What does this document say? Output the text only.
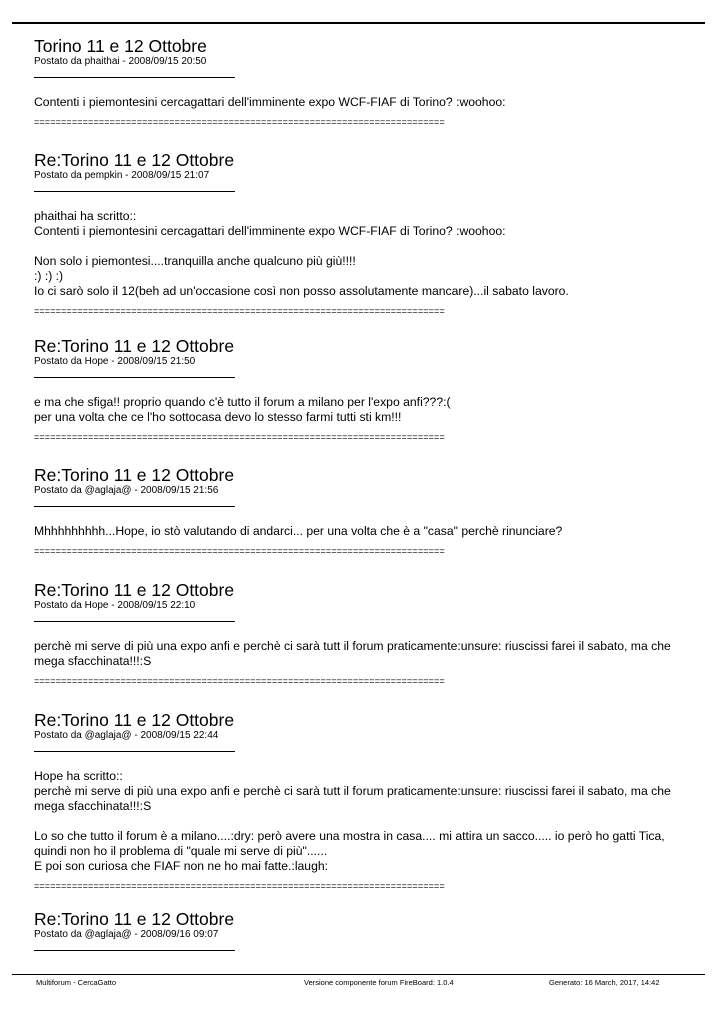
Torino 11 e 12 Ottobre
Postato da phaithai - 2008/09/15 20:50

Contenti i piemontesini cercagattari dell'imminente expo WCF-FIAF di Torino? :woohoo:

============================================================================
Re:Torino 11 e 12 Ottobre
Postato da pempkin - 2008/09/15 21:07

phaithai ha scritto::
Contenti i piemontesini cercagattari dell'imminente expo WCF-FIAF di Torino? :woohoo:

Non solo i piemontesi....tranquilla anche qualcuno più giù!!!!
:) :) :)
Io ci sarò solo il 12(beh ad un'occasione così non posso assolutamente mancare)...il sabato lavoro.

============================================================================
Re:Torino 11 e 12 Ottobre
Postato da Hope - 2008/09/15 21:50

e ma che sfiga!! proprio quando c'è tutto il forum a milano per l'expo anfi???:(
per una volta che ce l'ho sottocasa devo lo stesso farmi tutti sti km!!!

============================================================================
Re:Torino 11 e 12 Ottobre
Postato da @aglaja@ - 2008/09/15 21:56

Mhhhhhhhhh...Hope, io stò valutando di andarci... per una volta che è a "casa" perchè rinunciare?

============================================================================
Re:Torino 11 e 12 Ottobre
Postato da Hope - 2008/09/15 22:10

perchè mi serve di più una expo anfi e perchè ci sarà tutt il forum praticamente:unsure: riuscissi farei il sabato, ma che
mega sfacchinata!!!:S

============================================================================
Re:Torino 11 e 12 Ottobre
Postato da @aglaja@ - 2008/09/15 22:44

Hope ha scritto::
perchè mi serve di più una expo anfi e perchè ci sarà tutt il forum praticamente:unsure: riuscissi farei il sabato, ma che
mega sfacchinata!!!:S

Lo so che tutto il forum è a milano....:dry: però avere una mostra in casa.... mi attira un sacco..... io però ho gatti Tica,
quindi non ho il problema di "quale mi serve di più"......
E poi son curiosa che FIAF non ne ho mai fatte.:laugh:

============================================================================
Re:Torino 11 e 12 Ottobre
Postato da @aglaja@ - 2008/09/16 09:07
Multiforum - CercaGatto	Versione componente forum FireBoard: 1.0.4	Generato: 16 March, 2017, 14:42
